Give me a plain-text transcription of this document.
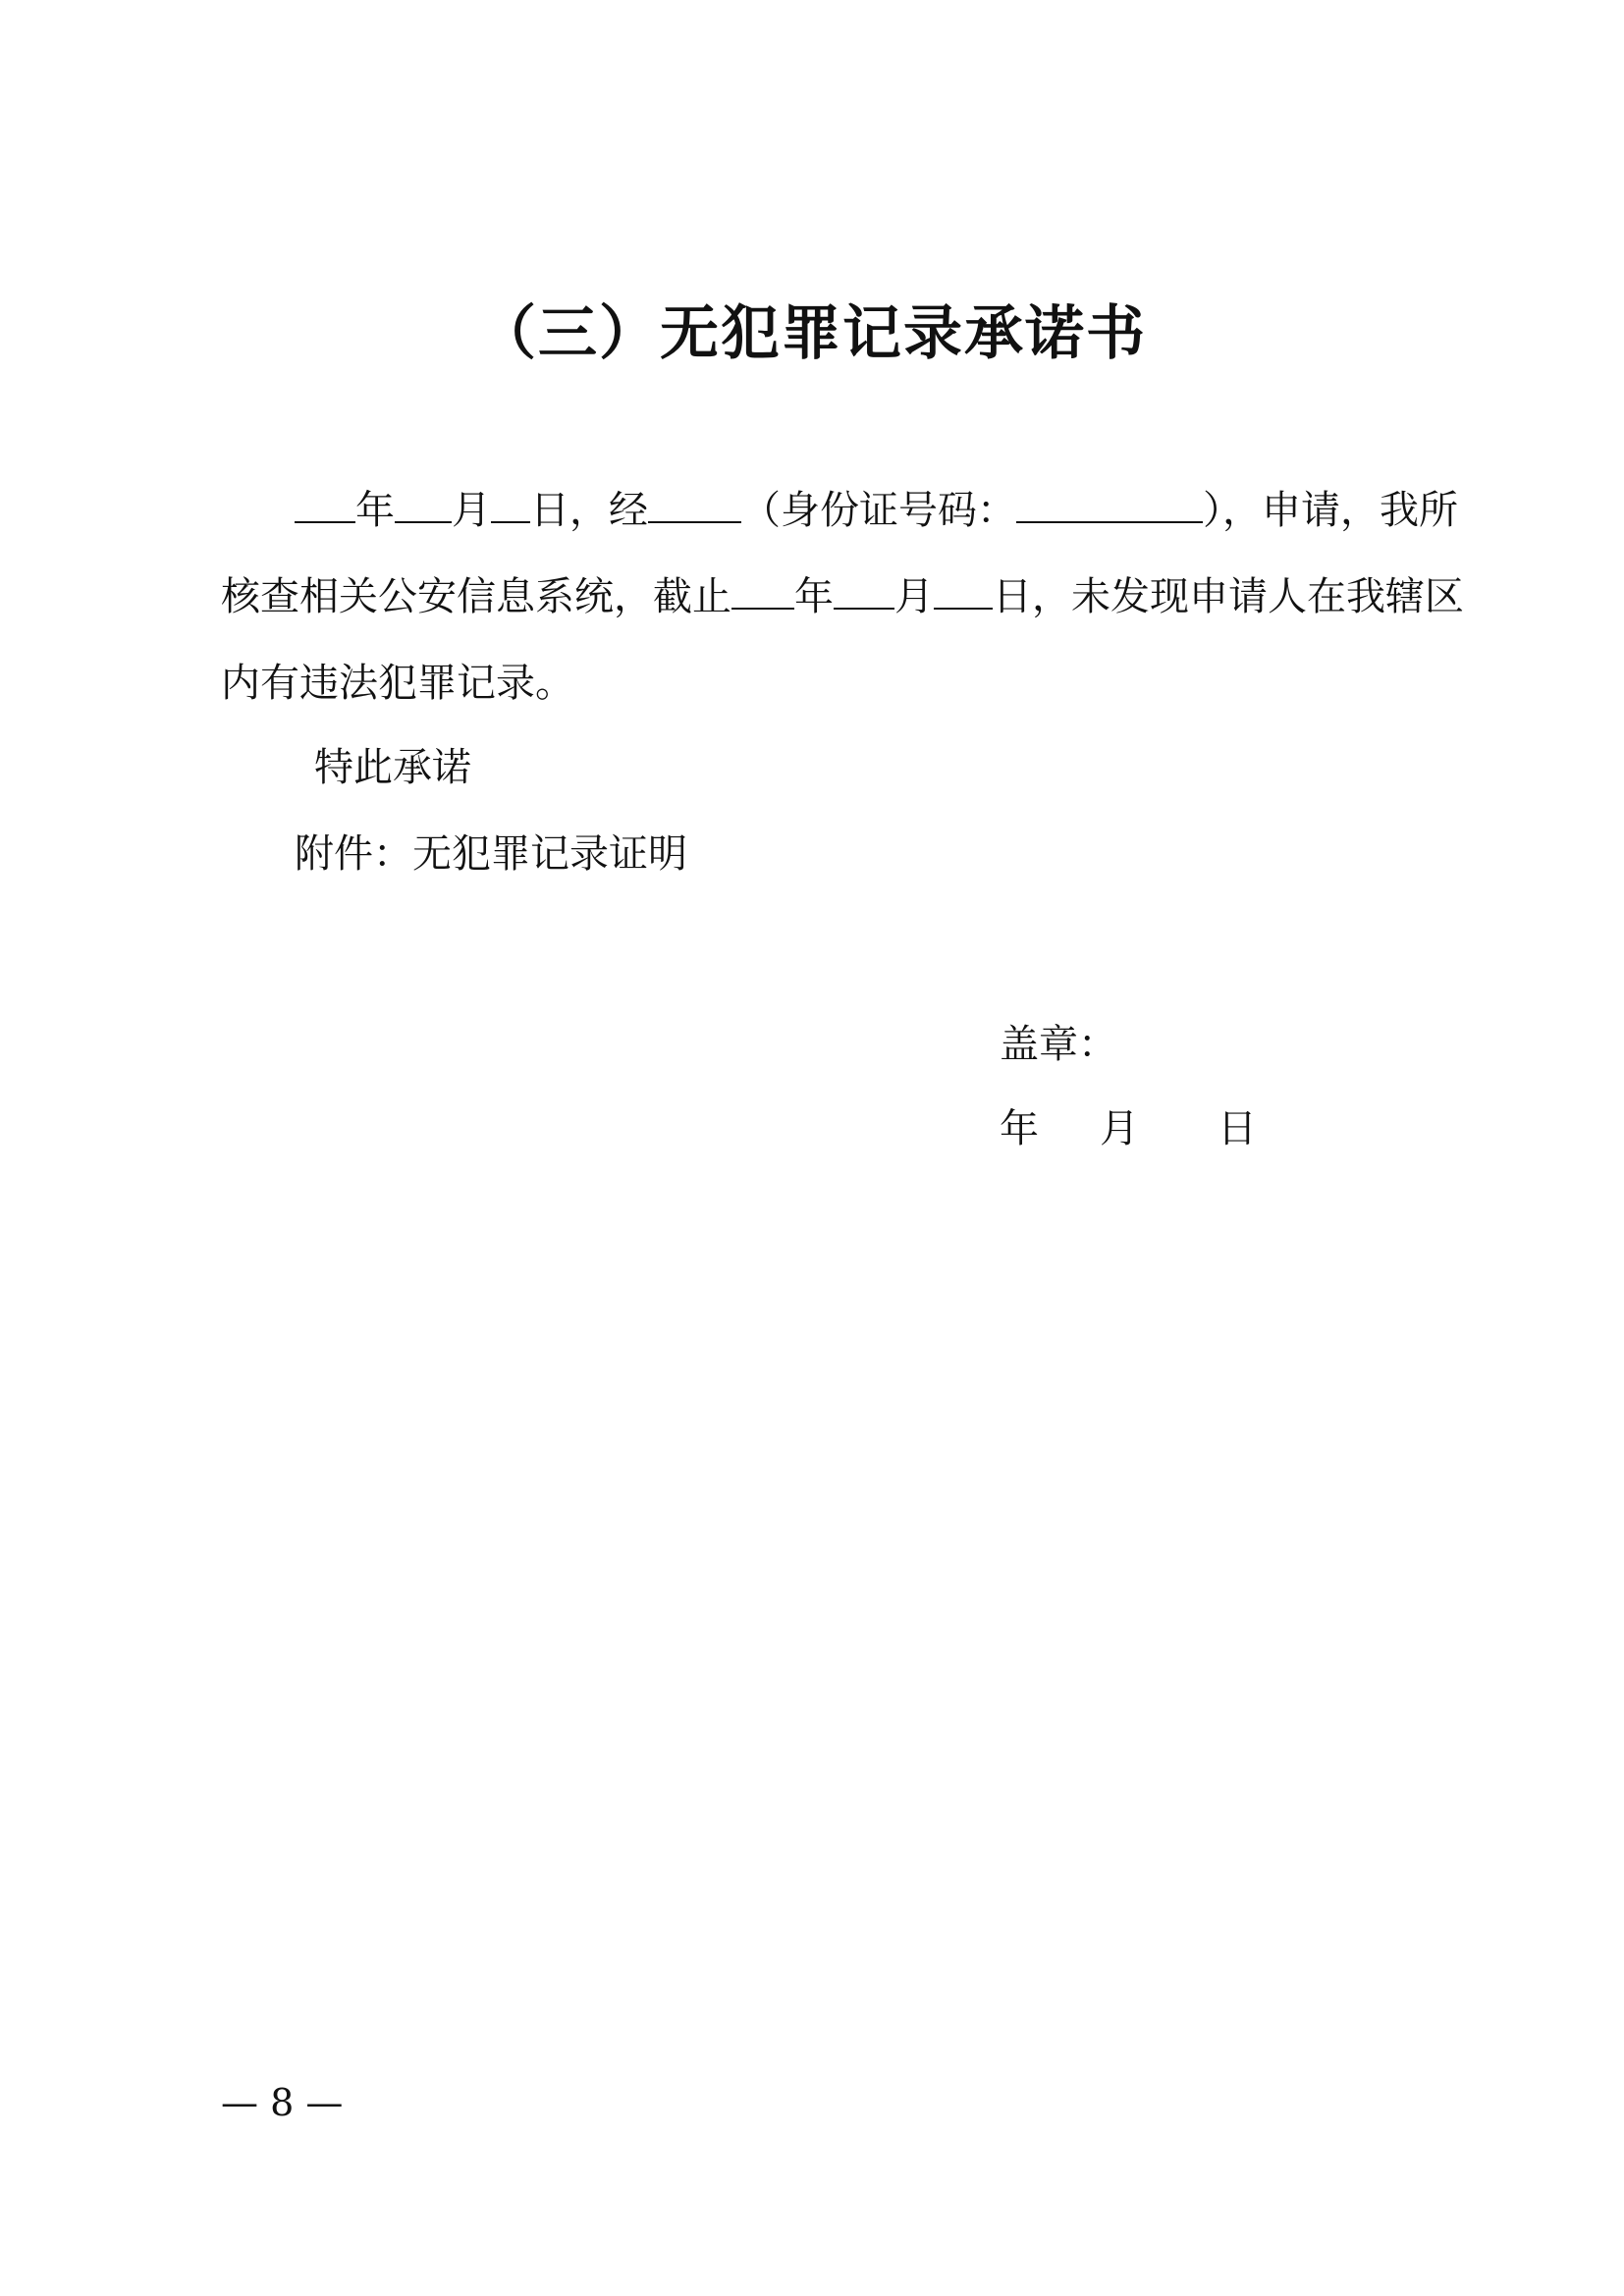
（三）无犯罪记录承诺书
年 月 日，经 （身份证号码：	），申请，我所
核查相关公安信息系统，截止 年 月 日，未发现申请人在我辖区
内有违法犯罪记录。
特此承诺
附件：无犯罪记录证明
盖章：
年 月 日
— 8 —
